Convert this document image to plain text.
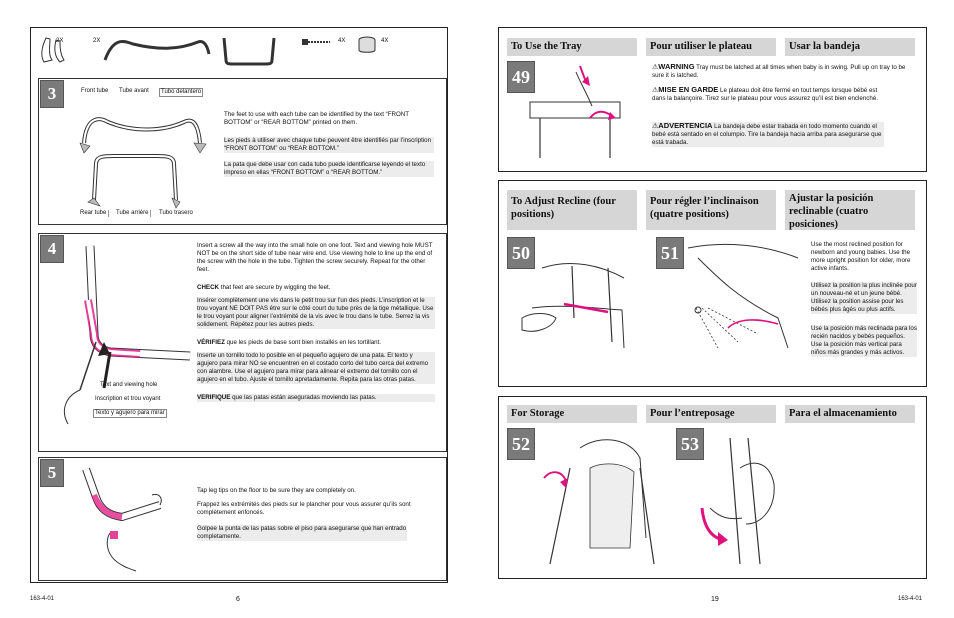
2X	2X	4X	4X
3	Front tube Tube avant	Tubo delantero
Rear tube	Tube arrière	Tubo trasero
The feet to use with each tube can be identified by the text “FRONT BOTTOM” or “REAR BOTTOM” printed on them.
Les pieds à utiliser avec chaque tube peuvent être identifiés par l’inscription “FRONT BOTTOM” ou “REAR BOTTOM.”
La pata que debe usar con cada tubo puede identificarse leyendo el texto impreso en ellas “FRONT BOTTOM” o “REAR BOTTOM.”
4
Text and viewing hole
Inscription et trou voyant
Texto y agujero para mirar
Insert a screw all the way into the small hole on one foot. Text and viewing hole MUST NOT be on the short side of tube near wire end. Use viewing hole to line up the end of the screw with the hole in the tube. Tighten the screw securely. Repeat for the other feet.
CHECK that feet are secure by wiggling the feet.
Insérer complètement une vis dans le petit trou sur l’un des pieds. L’inscription et le trou voyant NE DOIT PAS être sur le côté court du tube près de la tige métallique. Use le trou voyant pour aligner l’extrémité de la vis avec le trou dans le tube. Serrez la vis solidement. Répétez pour les autres pieds.
VÉRIFIEZ que les pieds de base sont bien installés en les tortillant.
Inserte un tornillo todo lo posible en el pequeño agujero de una pata. El texto y agujero para mirar NO se encuentren en el costado corto del tubo cerca del extremo con alambre. Use el agujero para mirar para alinear el extremo del tornillo con el agujero en el tubo. Ajuste el tornillo apretadamente. Repita para las otras patas.
VERIFIQUE que las patas están aseguradas moviendo las patas.
5
Tap leg tips on the floor to be sure they are completely on.
Frappez les extrémités des pieds sur le plancher pour vous assurer qu’ils sont complètement enfoncés.
Golpee la punta de las patas sobre el piso para asegurarse que han entrado completamente.
163-4-01	6
To Use the Tray	Pour utiliser le plateau	Usar la bandeja
49	⚠WARNING Tray must be latched at all times when baby is in swing. Pull up on tray to be sure it is latched.
⚠MISE EN GARDE Le plateau doit être fermé en tout temps lorsque bébé est dans la balançoire. Tirez sur le plateau pour vous assurez qu’il est bien enclenché.
⚠ADVERTENCIA La bandeja debe estar trabada en todo momento cuando el bebé está sentado en el columpio. Tire la bandeja hacia arriba para asegurarse que está trabada.
To Adjust Recline (four positions)
Pour régler l’inclinaison (quatre positions)
Ajustar la posición reclinable (cuatro posiciones)
50	51	Use the most reclined position for newborn and young babies. Use the more upright position for older, more active infants.
Utilisez la position la plus inclinée pour un nouveau-né et un jeune bébé. Utilisez la position assise pour les bébés plus âgés ou plus actifs.
Use la posición más reclinada para los recién nacidos y bebés pequeños. Use la posición más vertical para niños más grandes y más activos.
For Storage	Pour l’entreposage	Para el almacenamiento
52	53
19	163-4-01
